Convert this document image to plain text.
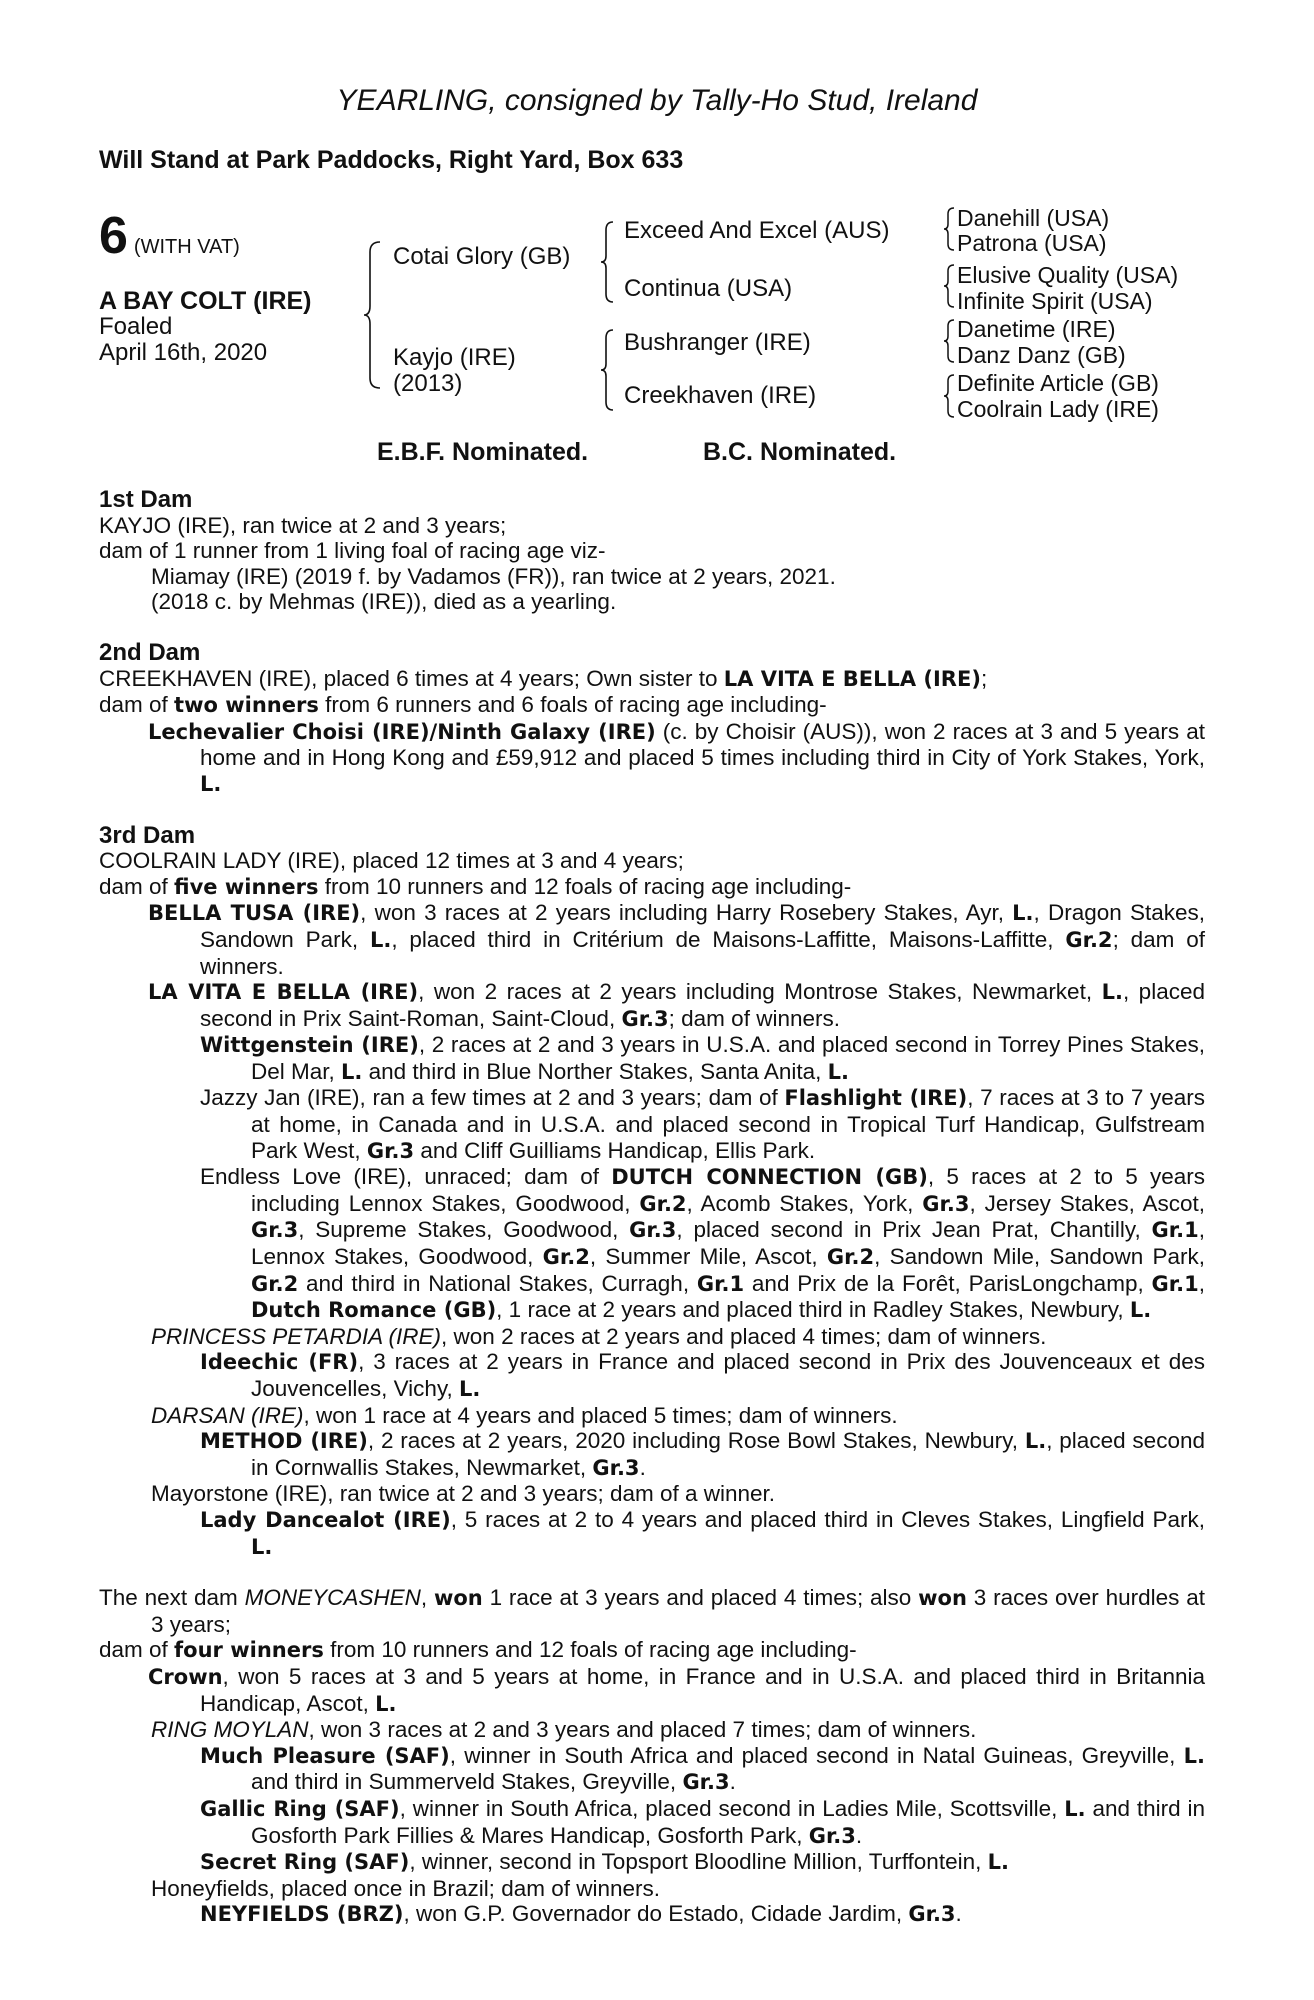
YEARLING, consigned by Tally-Ho Stud, Ireland
Will Stand at Park Paddocks, Right Yard, Box 633
6 (WITH VAT)
A BAY COLT (IRE)
Foaled
April 16th, 2020
Cotai Glory (GB)
Kayjo (IRE)
(2013)
Exceed And Excel (AUS)
Continua (USA)
Bushranger (IRE)
Creekhaven (IRE)
Danehill (USA)
Patrona (USA)
Elusive Quality (USA)
Infinite Spirit (USA)
Danetime (IRE)
Danz Danz (GB)
Definite Article (GB)
Coolrain Lady (IRE)
E.B.F. Nominated.	B.C. Nominated.

1st Dam

KAYJO (IRE), ran twice at 2 and 3 years;

dam of 1 runner from 1 living foal of racing age viz-

Miamay (IRE) (2019 f. by Vadamos (FR)), ran twice at 2 years, 2021.

(2018 c. by Mehmas (IRE)), died as a yearling.

2nd Dam

CREEKHAVEN (IRE), placed 6 times at 4 years; Own sister to LA VITA E BELLA (IRE);

dam of two winners from 6 runners and 6 foals of racing age including-

Lechevalier Choisi (IRE)/Ninth Galaxy (IRE) (c. by Choisir (AUS)), won 2 races at 3 and 5 years at home and in Hong Kong and £59,912 and placed 5 times including third in City of York Stakes, York, L.

3rd Dam

COOLRAIN LADY (IRE), placed 12 times at 3 and 4 years;

dam of five winners from 10 runners and 12 foals of racing age including-

BELLA TUSA (IRE), won 3 races at 2 years including Harry Rosebery Stakes, Ayr, L., Dragon Stakes, Sandown Park, L., placed third in Critérium de Maisons-Laffitte, Maisons-Laffitte, Gr.2; dam of winners.

LA VITA E BELLA (IRE), won 2 races at 2 years including Montrose Stakes, Newmarket, L., placed second in Prix Saint-Roman, Saint-Cloud, Gr.3; dam of winners.

Wittgenstein (IRE), 2 races at 2 and 3 years in U.S.A. and placed second in Torrey Pines Stakes, Del Mar, L. and third in Blue Norther Stakes, Santa Anita, L.

Jazzy Jan (IRE), ran a few times at 2 and 3 years; dam of Flashlight (IRE), 7 races at 3 to 7 years at home, in Canada and in U.S.A. and placed second in Tropical Turf Handicap, Gulfstream Park West, Gr.3 and Cliff Guilliams Handicap, Ellis Park.

Endless Love (IRE), unraced; dam of DUTCH CONNECTION (GB), 5 races at 2 to 5 years including Lennox Stakes, Goodwood, Gr.2, Acomb Stakes, York, Gr.3, Jersey Stakes, Ascot, Gr.3, Supreme Stakes, Goodwood, Gr.3, placed second in Prix Jean Prat, Chantilly, Gr.1, Lennox Stakes, Goodwood, Gr.2, Summer Mile, Ascot, Gr.2, Sandown Mile, Sandown Park, Gr.2 and third in National Stakes, Curragh, Gr.1 and Prix de la Forêt, ParisLongchamp, Gr.1, Dutch Romance (GB), 1 race at 2 years and placed third in Radley Stakes, Newbury, L.

PRINCESS PETARDIA (IRE), won 2 races at 2 years and placed 4 times; dam of winners.

Ideechic (FR), 3 races at 2 years in France and placed second in Prix des Jouvenceaux et des Jouvencelles, Vichy, L.

DARSAN (IRE), won 1 race at 4 years and placed 5 times; dam of winners.

METHOD (IRE), 2 races at 2 years, 2020 including Rose Bowl Stakes, Newbury, L., placed second in Cornwallis Stakes, Newmarket, Gr.3.

Mayorstone (IRE), ran twice at 2 and 3 years; dam of a winner.

Lady Dancealot (IRE), 5 races at 2 to 4 years and placed third in Cleves Stakes, Lingfield Park, L.

The next dam MONEYCASHEN, won 1 race at 3 years and placed 4 times; also won 3 races over hurdles at 3 years;

dam of four winners from 10 runners and 12 foals of racing age including-

Crown, won 5 races at 3 and 5 years at home, in France and in U.S.A. and placed third in Britannia Handicap, Ascot, L.

RING MOYLAN, won 3 races at 2 and 3 years and placed 7 times; dam of winners.

Much Pleasure (SAF), winner in South Africa and placed second in Natal Guineas, Greyville, L. and third in Summerveld Stakes, Greyville, Gr.3.

Gallic Ring (SAF), winner in South Africa, placed second in Ladies Mile, Scottsville, L. and third in Gosforth Park Fillies & Mares Handicap, Gosforth Park, Gr.3.

Secret Ring (SAF), winner, second in Topsport Bloodline Million, Turffontein, L.

Honeyfields, placed once in Brazil; dam of winners.

NEYFIELDS (BRZ), won G.P. Governador do Estado, Cidade Jardim, Gr.3.
